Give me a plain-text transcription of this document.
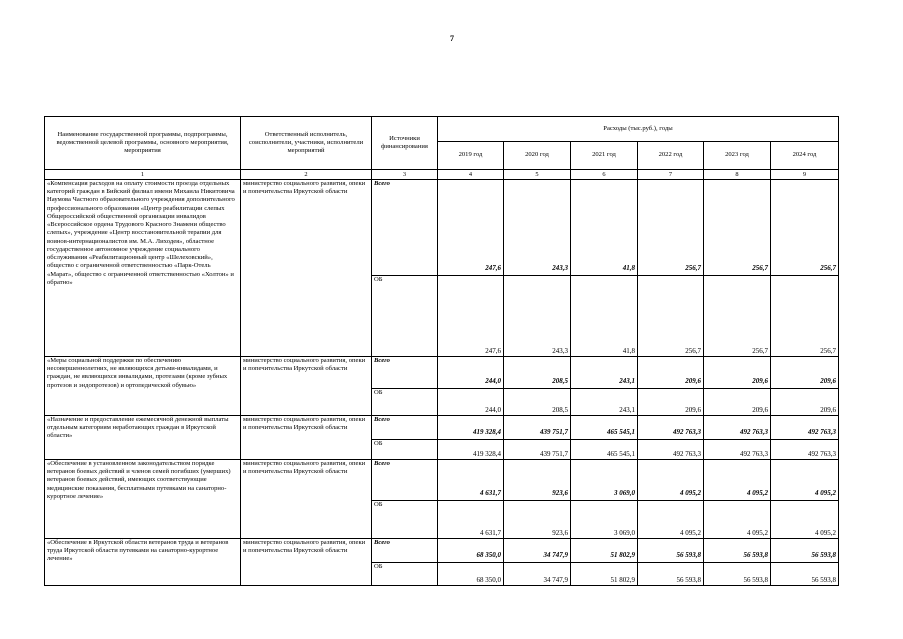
7
Наименование государственной программы, подпрограммы, ведомственной целевой программы, основного мероприятия, мероприятия	Ответственный исполнитель, соисполнители, участники, исполнители мероприятий	Источники финансирования	Расходы (тыс.руб.), годы					
			2019 год	2020 год	2021 год	2022 год	2023 год	2024 год
1	2	3	4	5	6	7	8	9
«Компенсация расходов на оплату стоимости проезда отдельных категорий граждан в Бийский филиал имени Михаила Никитовича Наумова Частного образовательного учреждения дополнительного профессионального образования «Центр реабилитации слепых Общероссийской общественной организации инвалидов «Всероссийское ордена Трудового Красного Знамени общество слепых», учреждение «Центр восстановительной терапии для воинов-интернационалистов им. М.А. Лиходея», областное государственное автономное учреждение социального обслуживания «Реабилитационный центр «Шелеховский», общество с ограниченной ответственностью «Парк-Отель «Марат», общество с ограниченной ответственностью «Холтон» и обратно»	министерство социального развития, опеки и попечительства Иркутской области	Всего	247,6	243,3	41,8	256,7	256,7	256,7
		ОБ	247,6	243,3	41,8	256,7	256,7	256,7
«Меры социальной поддержки по обеспечению несовершеннолетних, не являющихся детьми-инвалидами, и граждан, не являющихся инвалидами, протезами (кроме зубных протезов и эндопротезов) и ортопедической обувью»	министерство социального развития, опеки и попечительства Иркутской области	Всего	244,0	208,5	243,1	209,6	209,6	209,6
		ОБ	244,0	208,5	243,1	209,6	209,6	209,6
«Назначение и предоставление ежемесячной денежной выплаты отдельным категориям неработающих граждан в Иркутской области»	министерство социального развития, опеки и попечительства Иркутской области	Всего	419 328,4	439 751,7	465 545,1	492 763,3	492 763,3	492 763,3
		ОБ	419 328,4	439 751,7	465 545,1	492 763,3	492 763,3	492 763,3
«Обеспечение в установленном законодательством порядке ветеранов боевых действий и членов семей погибших (умерших) ветеранов боевых действий, имеющих соответствующие медицинские показания, бесплатными путевками на санаторно-курортное лечение»	министерство социального развития, опеки и попечительства Иркутской области	Всего	4 631,7	923,6	3 069,0	4 095,2	4 095,2	4 095,2
		ОБ	4 631,7	923,6	3 069,0	4 095,2	4 095,2	4 095,2
«Обеспечение в Иркутской области ветеранов труда и ветеранов труда Иркутской области путевками на санаторно-курортное лечение»	министерство социального развития, опеки и попечительства Иркутской области	Всего	68 350,0	34 747,9	51 802,9	56 593,8	56 593,8	56 593,8
		ОБ	68 350,0	34 747,9	51 802,9	56 593,8	56 593,8	56 593,8
